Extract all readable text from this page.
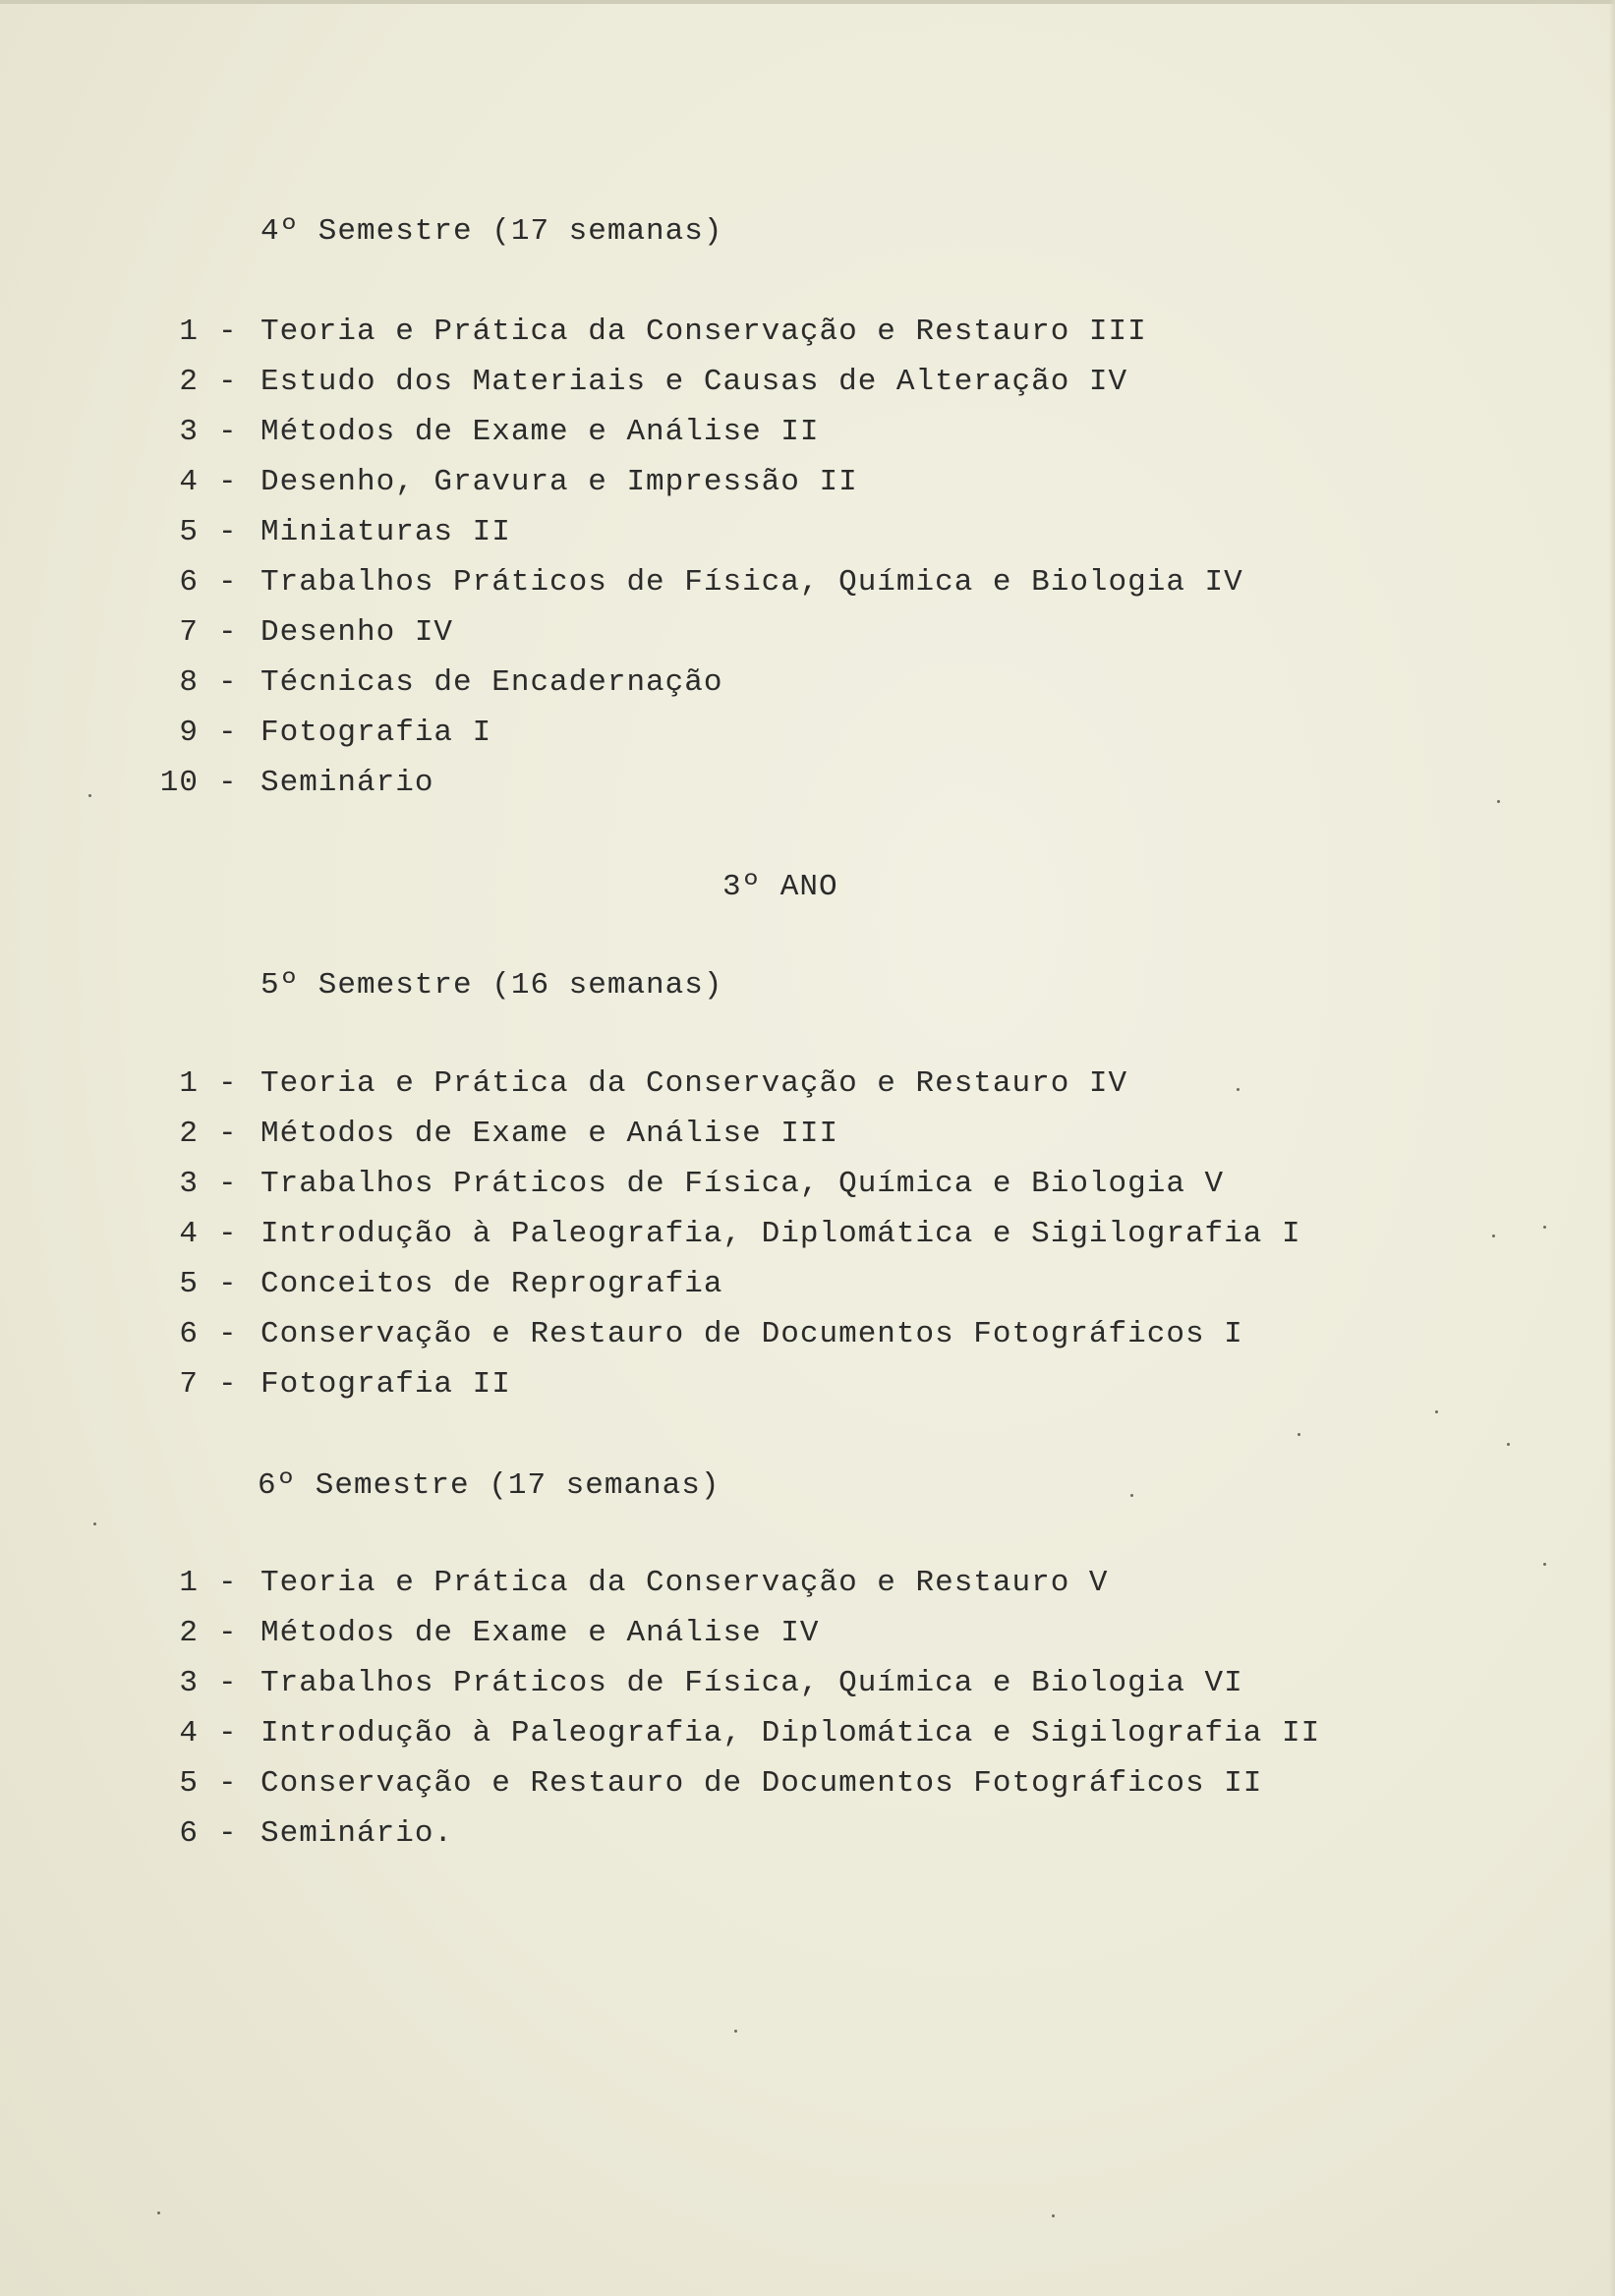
4º Semestre (17 semanas)
1 - Teoria e Prática da Conservação e Restauro III
2 - Estudo dos Materiais e Causas de Alteração IV
3 - Métodos de Exame e Análise II
4 - Desenho, Gravura e Impressão II
5 - Miniaturas II
6 - Trabalhos Práticos de Física, Química e Biologia IV
7 - Desenho IV
8 - Técnicas de Encadernação
9 - Fotografia I
10 - Seminário
3º ANO
5º Semestre (16 semanas)
1 - Teoria e Prática da Conservação e Restauro IV
2 - Métodos de Exame e Análise III
3 - Trabalhos Práticos de Física, Química e Biologia V
4 - Introdução à Paleografia, Diplomática e Sigilografia I
5 - Conceitos de Reprografia
6 - Conservação e Restauro de Documentos Fotográficos I
7 - Fotografia II
6º Semestre (17 semanas)
1 - Teoria e Prática da Conservação e Restauro V
2 - Métodos de Exame e Análise IV
3 - Trabalhos Práticos de Física, Química e Biologia VI
4 - Introdução à Paleografia, Diplomática e Sigilografia II
5 - Conservação e Restauro de Documentos Fotográficos II
6 - Seminário.
